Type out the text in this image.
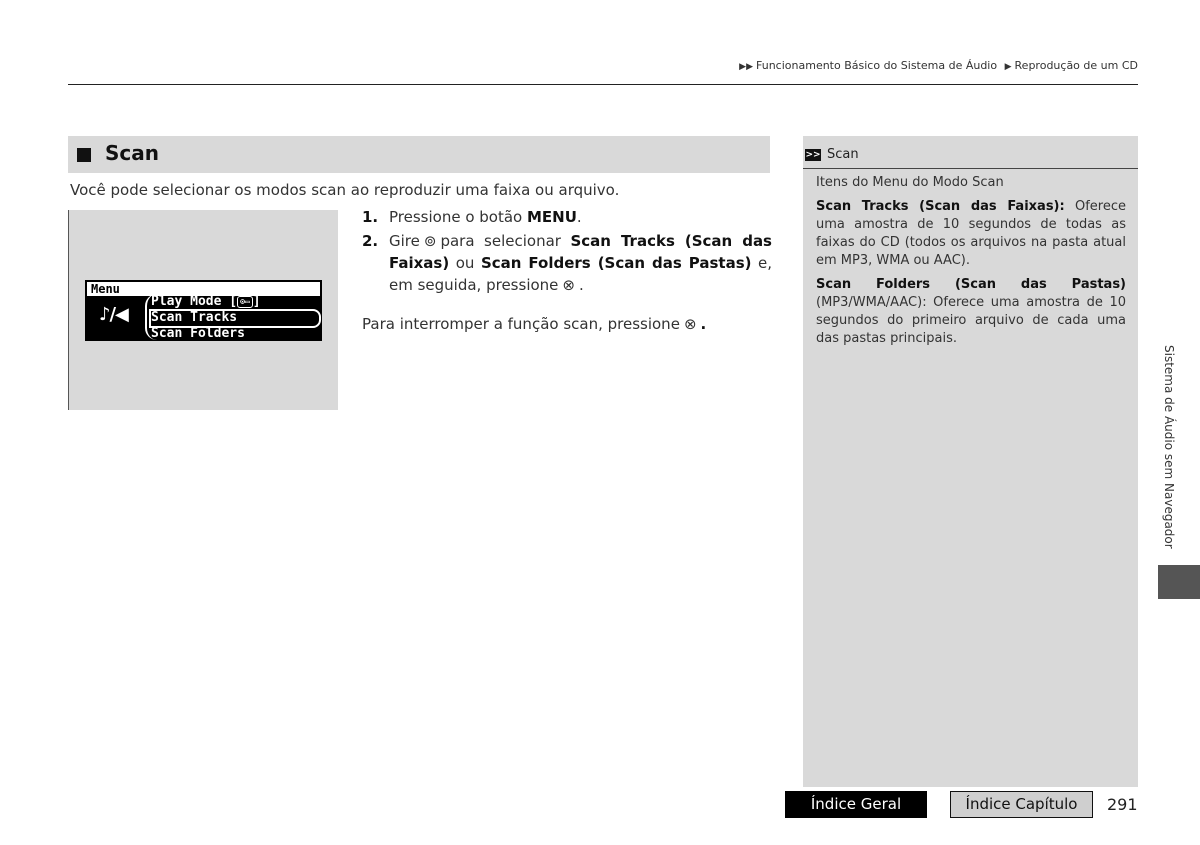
▶▶ Funcionamento Básico do Sistema de Áudio ▶ Reprodução de um CD
Scan
Você pode selecionar os modos scan ao reproduzir uma faixa ou arquivo.
Menu
♪/◀
Play Mode [ ⊙▭ ]
Scan Tracks
Scan Folders
1. Pressione o botão MENU.
2. Gire ⊚ para selecionar Scan Tracks (Scan das Faixas) ou Scan Folders (Scan das Pastas) e, em seguida, pressione ⊗ .
Para interromper a função scan, pressione ⊗ .
>> Scan

Itens do Menu do Modo Scan

Scan Tracks (Scan das Faixas): Oferece uma amostra de 10 segundos de todas as faixas do CD (todos os arquivos na pasta atual em MP3, WMA ou AAC).

Scan Folders (Scan das Pastas) (MP3/WMA/AAC): Oferece uma amostra de 10 segundos do primeiro arquivo de cada uma das pastas principais.

Sistema de Áudio sem Navegador
Índice Geral	Índice Capítulo	291
